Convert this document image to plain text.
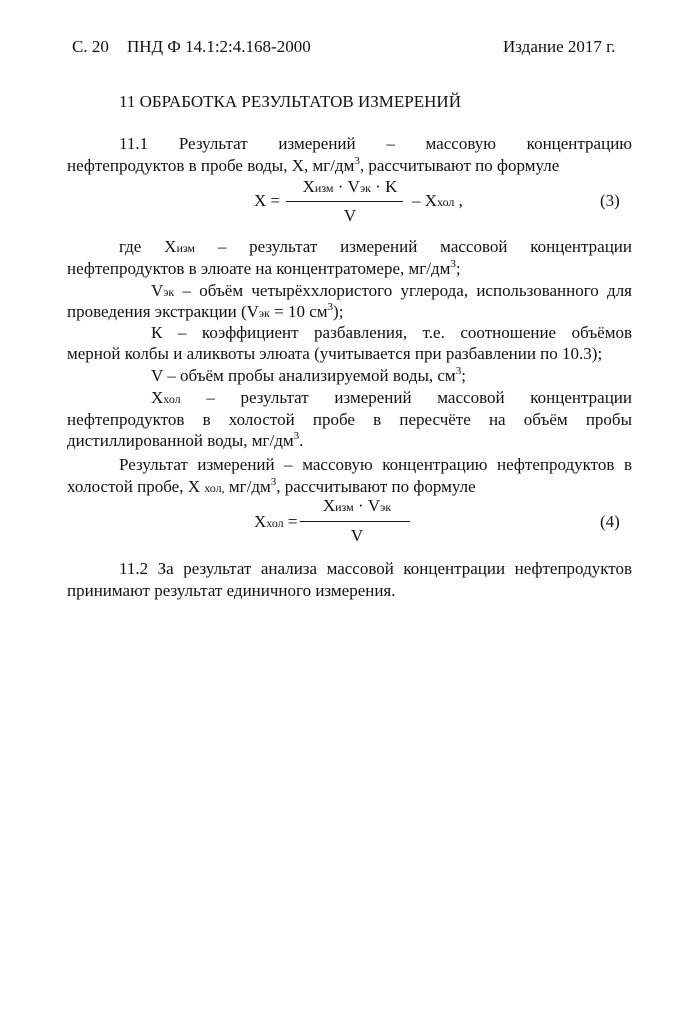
С. 20 ПНД Ф 14.1:2:4.168-2000	Издание 2017 г.
11 ОБРАБОТКА РЕЗУЛЬТАТОВ ИЗМЕРЕНИЙ
11.1 Результат измерений – массовую концентрацию
нефтепродуктов в пробе воды, X, $мг/дм^3$, рассчитывают по формуле
X =
Xизм · Vэк · K
V
– Xхол ,	(3)
где Xизм – результат измерений массовой концентрации
нефтепродуктов в элюате на концентратомере, $мг/дм^3$;
Vэк – объём четырёххлористого углерода, использованного для
проведения экстракции (Vэк = 10 $см^3$);
К – коэффициент разбавления, т.е. соотношение объёмов
мерной колбы и аликвоты элюата (учитывается при разбавлении по 10.3);
V – объём пробы анализируемой воды, $см^3$;
Xхол – результат измерений массовой концентрации
нефтепродуктов в холостой пробе в пересчёте на объём пробы
дистиллированной воды, $мг/дм^3$.
Результат измерений – массовую концентрацию нефтепродуктов в
холостой пробе, X хол, $мг/дм^3$, рассчитывают по формуле
Xхол =
Xизм · Vэк
V
(4)
11.2 За результат анализа массовой концентрации нефтепродуктов
принимают результат единичного измерения.
